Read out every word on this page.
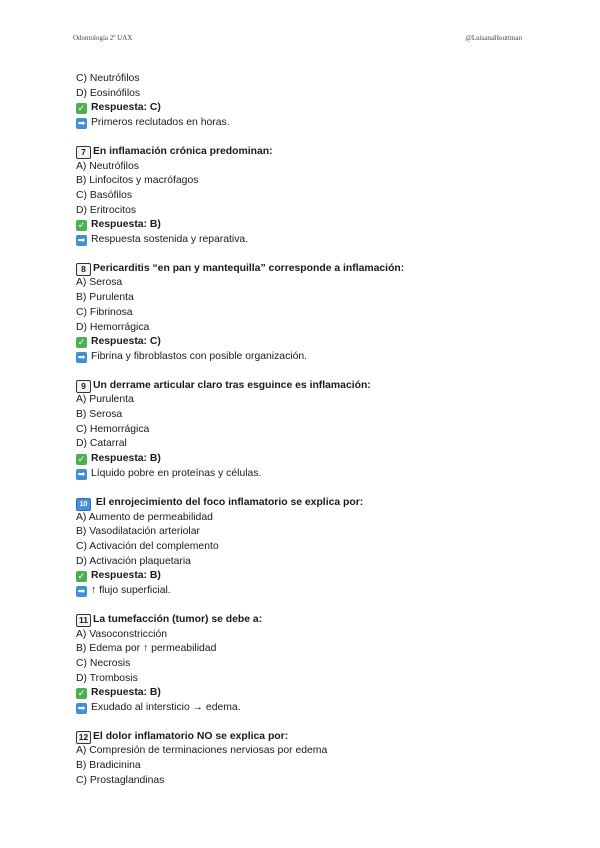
Odontología 2º UAX	@LuisanaHouttman
C) Neutrófilos
D) Eosinófilos
✓ Respuesta: C)
➡ Primeros reclutados en horas.
7 En inflamación crónica predominan:
A) Neutrófilos
B) Linfocitos y macrófagos
C) Basófilos
D) Eritrocitos
✓ Respuesta: B)
➡ Respuesta sostenida y reparativa.
8 Pericarditis “en pan y mantequilla” corresponde a inflamación:
A) Serosa
B) Purulenta
C) Fibrinosa
D) Hemorrágica
✓ Respuesta: C)
➡ Fibrina y fibroblastos con posible organización.
9 Un derrame articular claro tras esguince es inflamación:
A) Purulenta
B) Serosa
C) Hemorrágica
D) Catarral
✓ Respuesta: B)
➡ Líquido pobre en proteínas y células.
10 El enrojecimiento del foco inflamatorio se explica por:
A) Aumento de permeabilidad
B) Vasodilatación arteriolar
C) Activación del complemento
D) Activación plaquetaria
✓ Respuesta: B)
➡ ↑ flujo superficial.
11 La tumefacción (tumor) se debe a:
A) Vasoconstricción
B) Edema por ↑ permeabilidad
C) Necrosis
D) Trombosis
✓ Respuesta: B)
➡ Exudado al intersticio → edema.
12 El dolor inflamatorio NO se explica por:
A) Compresión de terminaciones nerviosas por edema
B) Bradicinina
C) Prostaglandinas
